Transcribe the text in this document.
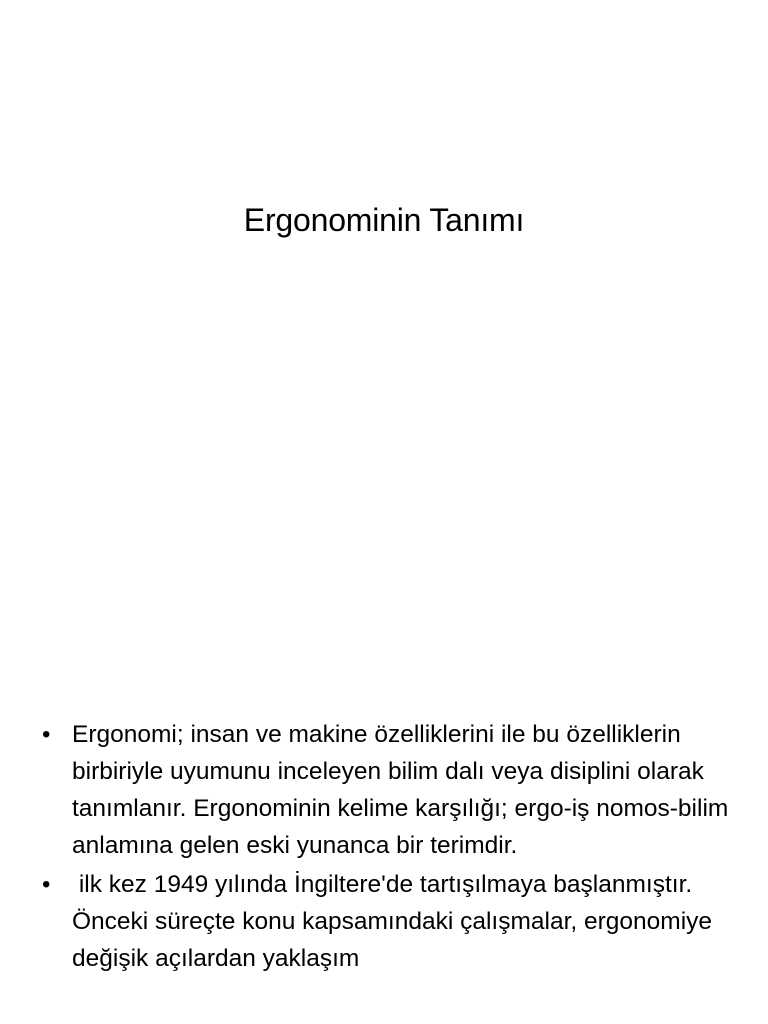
Ergonominin Tanımı
• Ergonomi; insan ve makine özelliklerini ile bu özelliklerin birbiriyle uyumunu inceleyen bilim dalı veya disiplini olarak tanımlanır. Ergonominin kelime karşılığı; ergo-iş nomos-bilim anlamına gelen eski yunanca bir terimdir.
• ilk kez 1949 yılında İngiltere'de tartışılmaya başlanmıştır. Önceki süreçte konu kapsamındaki çalışmalar, ergonomiye değişik açılardan yaklaşım
